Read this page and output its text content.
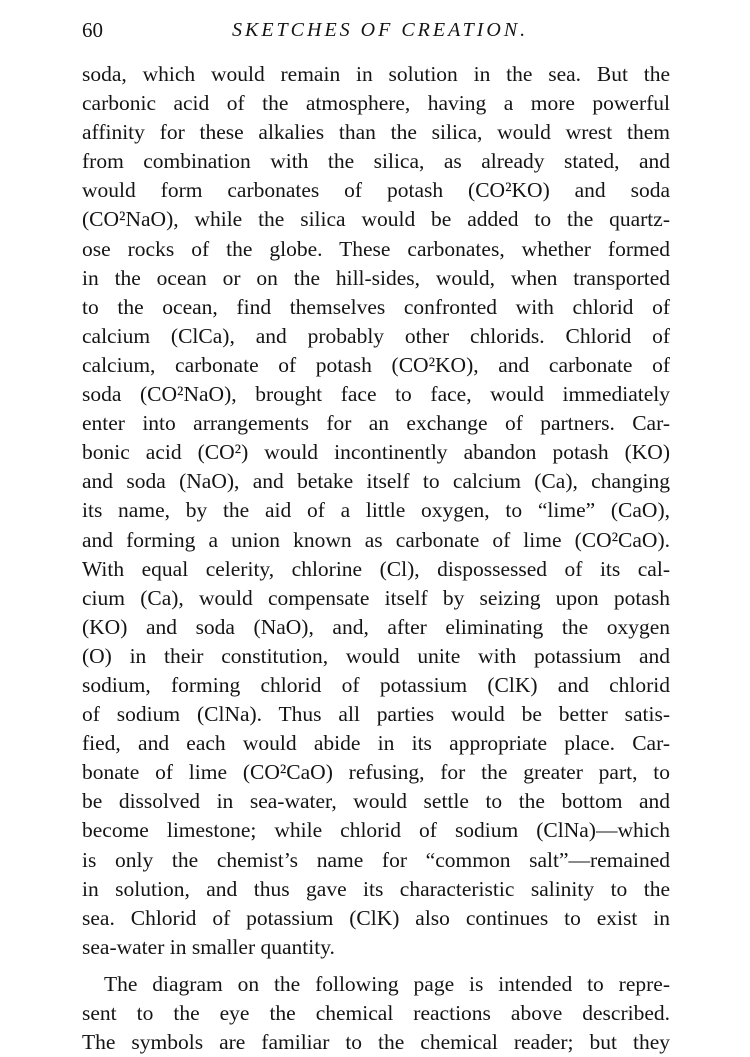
60	SKETCHES OF CREATION.
soda, which would remain in solution in the sea. But the
carbonic acid of the atmosphere, having a more powerful
affinity for these alkalies than the silica, would wrest them
from combination with the silica, as already stated, and
would form carbonates of potash (CO²KO) and soda
(CO²NaO), while the silica would be added to the quartz-
ose rocks of the globe. These carbonates, whether formed
in the ocean or on the hill-sides, would, when transported
to the ocean, find themselves confronted with chlorid of
calcium (ClCa), and probably other chlorids. Chlorid of
calcium, carbonate of potash (CO²KO), and carbonate of
soda (CO²NaO), brought face to face, would immediately
enter into arrangements for an exchange of partners. Car-
bonic acid (CO²) would incontinently abandon potash (KO)
and soda (NaO), and betake itself to calcium (Ca), changing
its name, by the aid of a little oxygen, to “lime” (CaO),
and forming a union known as carbonate of lime (CO²CaO).
With equal celerity, chlorine (Cl), dispossessed of its cal-
cium (Ca), would compensate itself by seizing upon potash
(KO) and soda (NaO), and, after eliminating the oxygen
(O) in their constitution, would unite with potassium and
sodium, forming chlorid of potassium (ClK) and chlorid
of sodium (ClNa). Thus all parties would be better satis-
fied, and each would abide in its appropriate place. Car-
bonate of lime (CO²CaO) refusing, for the greater part, to
be dissolved in sea-water, would settle to the bottom and
become limestone; while chlorid of sodium (ClNa)—which
is only the chemist’s name for “common salt”—remained
in solution, and thus gave its characteristic salinity to the
sea. Chlorid of potassium (ClK) also continues to exist in
sea-water in smaller quantity.
The diagram on the following page is intended to repre-
sent to the eye the chemical reactions above described.
The symbols are familiar to the chemical reader; but they
